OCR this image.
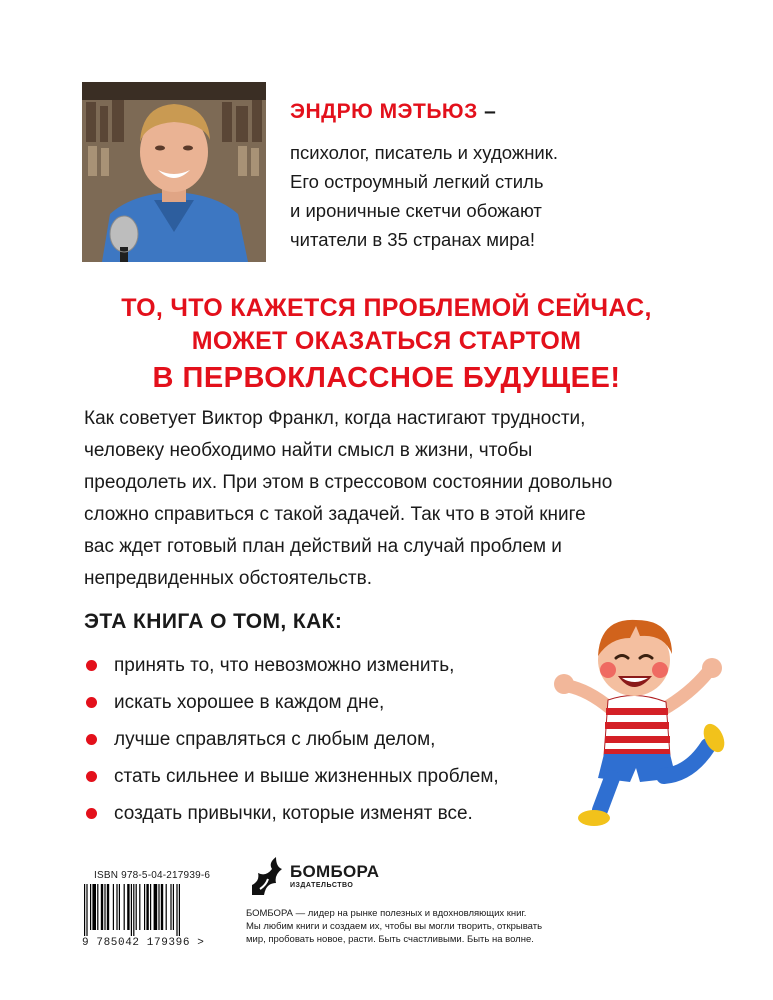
ЭНДРЮ МЭТЬЮЗ –
психолог, писатель и художник.
Его остроумный легкий стиль
и ироничные скетчи обожают
читатели в 35 странах мира!
ТО, ЧТО КАЖЕТСЯ ПРОБЛЕМОЙ СЕЙЧАС,
МОЖЕТ ОКАЗАТЬСЯ СТАРТОМ
В ПЕРВОКЛАССНОЕ БУДУЩЕЕ!
Как советует Виктор Франкл, когда настигают трудности,
человеку необходимо найти смысл в жизни, чтобы
преодолеть их. При этом в стрессовом состоянии довольно
сложно справиться с такой задачей. Так что в этой книге
вас ждет готовый план действий на случай проблем и
непредвиденных обстоятельств.
ЭТА КНИГА О ТОМ, КАК:
принять то, что невозможно изменить,
искать хорошее в каждом дне,
лучше справляться с любым делом,
стать сильнее и выше жизненных проблем,
создать привычки, которые изменят все.
ISBN 978-5-04-217939-6
9 785042 179396 >
БОМБОРА
ИЗДАТЕЛЬСТВО
БОМБОРА — лидер на рынке полезных и вдохновляющих книг.
Мы любим книги и создаем их, чтобы вы могли творить, открывать
мир, пробовать новое, расти. Быть счастливыми. Быть на волне.
